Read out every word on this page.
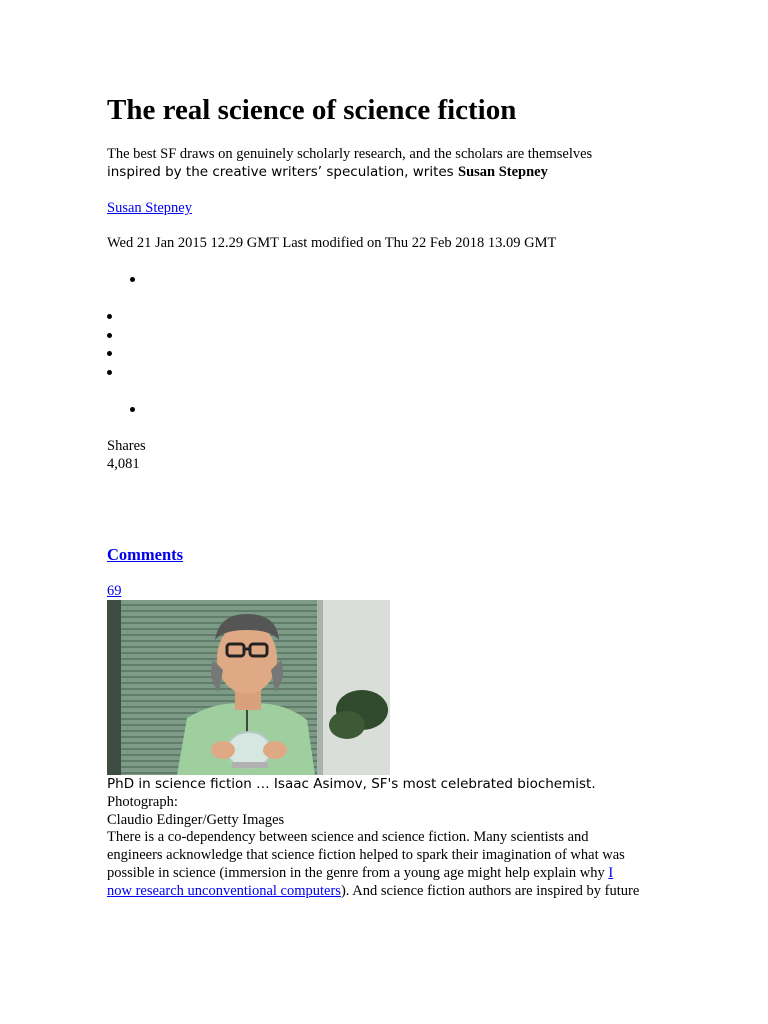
The real science of science fiction

The best SF draws on genuinely scholarly research, and the scholars are themselves
inspired by the creative writers’ speculation, writes Susan Stepney

Susan Stepney
Wed 21 Jan 2015 12.29 GMT Last modified on Thu 22 Feb 2018 13.09 GMT
Shares
4,081
Comments
69

PhD in science fiction … Isaac Asimov, SF's most celebrated biochemist. Photograph:
Claudio Edinger/Getty Images

There is a co-dependency between science and science fiction. Many scientists and
engineers acknowledge that science fiction helped to spark their imagination of what was
possible in science (immersion in the genre from a young age might help explain why I
now research unconventional computers). And science fiction authors are inspired by future
